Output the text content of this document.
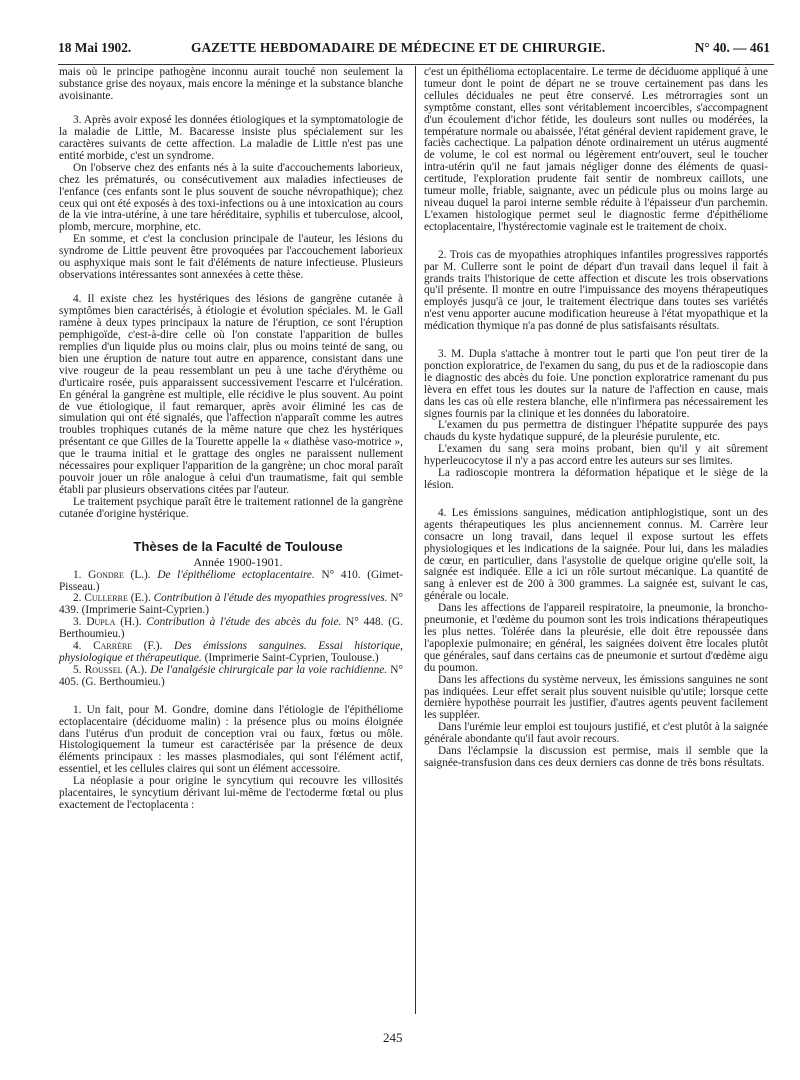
18 Mai 1902.	GAZETTE HEBDOMADAIRE DE MÉDECINE ET DE CHIRURGIE.	N° 40. — 461

mais où le principe pathogène inconnu aurait touché non seulement la substance grise des noyaux, mais encore la méninge et la substance blanche avoisinante.

3. Après avoir exposé les données étiologiques et la symptomatologie de la maladie de Little, M. Bacaresse insiste plus spécialement sur les caractères suivants de cette affection. La maladie de Little n'est pas une entité morbide, c'est un syndrome.

On l'observe chez des enfants nés à la suite d'accouchements laborieux, chez les prématurés, ou consécutivement aux maladies infectieuses de l'enfance (ces enfants sont le plus souvent de souche névropathique); chez ceux qui ont été exposés à des toxi-infections ou à une intoxication au cours de la vie intra-utérine, à une tare héréditaire, syphilis et tuberculose, alcool, plomb, mercure, morphine, etc.

En somme, et c'est la conclusion principale de l'auteur, les lésions du syndrome de Little peuvent être provoquées par l'accouchement laborieux ou asphyxique mais sont le fait d'éléments de nature infectieuse. Plusieurs observations intéressantes sont annexées à cette thèse.

4. Il existe chez les hystériques des lésions de gangrène cutanée à symptômes bien caractérisés, à étiologie et évolution spéciales. M. le Gall ramène à deux types principaux la nature de l'éruption, ce sont l'éruption pemphigoïde, c'est-à-dire celle où l'on constate l'apparition de bulles remplies d'un liquide plus ou moins clair, plus ou moins teinté de sang, ou bien une éruption de nature tout autre en apparence, consistant dans une vive rougeur de la peau ressemblant un peu à une tache d'érythème ou d'urticaire rosée, puis apparaissent successivement l'escarre et l'ulcération. En général la gangrène est multiple, elle récidive le plus souvent. Au point de vue étiologique, il faut remarquer, après avoir éliminé les cas de simulation qui ont été signalés, que l'affection n'apparaît comme les autres troubles trophiques cutanés de la même nature que chez les hystériques présentant ce que Gilles de la Tourette appelle la « diathèse vaso-motrice », que le trauma initial et le grattage des ongles ne paraissent nullement nécessaires pour expliquer l'apparition de la gangrène; un choc moral paraît pouvoir jouer un rôle analogue à celui d'un traumatisme, fait qui semble établi par plusieurs observations citées par l'auteur.

Le traitement psychique paraît être le traitement rationnel de la gangrène cutanée d'origine hystérique.

Thèses de la Faculté de Toulouse

Année 1900-1901.

1. Gondre (L.). De l'épithéliome ectoplacentaire. N° 410. (Gimet-Pisseau.)

2. Cullerre (E.). Contribution à l'étude des myopathies progressives. N° 439. (Imprimerie Saint-Cyprien.)

3. Dupla (H.). Contribution à l'étude des abcès du foie. N° 448. (G. Berthoumieu.)

4. Carrère (F.). Des émissions sanguines. Essai historique, physiologique et thérapeutique. (Imprimerie Saint-Cyprien, Toulouse.)

5. Roussel (A.). De l'analgésie chirurgicale par la voie rachidienne. N° 405. (G. Berthoumieu.)

1. Un fait, pour M. Gondre, domine dans l'étiologie de l'épithéliome ectoplacentaire (déciduome malin) : la présence plus ou moins éloignée dans l'utérus d'un produit de conception vrai ou faux, fœtus ou môle. Histologiquement la tumeur est caractérisée par la présence de deux éléments principaux : les masses plasmodiales, qui sont l'élément actif, essentiel, et les cellules claires qui sont un élément accessoire.

La néoplasie a pour origine le syncytium qui recouvre les villosités placentaires, le syncytium dérivant lui-même de l'ectoderme fœtal ou plus exactement de l'ectoplacenta :

c'est un épithélioma ectoplacentaire. Le terme de déciduome appliqué à une tumeur dont le point de départ ne se trouve certainement pas dans les cellules déciduales ne peut être conservé. Les métrorragies sont un symptôme constant, elles sont véritablement incoercibles, s'accompagnent d'un écoulement d'ichor fétide, les douleurs sont nulles ou modérées, la température normale ou abaissée, l'état général devient rapidement grave, le faciès cachectique. La palpation dénote ordinairement un utérus augmenté de volume, le col est normal ou légèrement entr'ouvert, seul le toucher intra-utérin qu'il ne faut jamais négliger donne des éléments de quasi-certitude, l'exploration prudente fait sentir de nombreux caillots, une tumeur molle, friable, saignante, avec un pédicule plus ou moins large au niveau duquel la paroi interne semble réduite à l'épaisseur d'un parchemin. L'examen histologique permet seul le diagnostic ferme d'épithéliome ectoplacentaire, l'hystérectomie vaginale est le traitement de choix.

2. Trois cas de myopathies atrophiques infantiles progressives rapportés par M. Cullerre sont le point de départ d'un travail dans lequel il fait à grands traits l'historique de cette affection et discute les trois observations qu'il présente. Il montre en outre l'impuissance des moyens thérapeutiques employés jusqu'à ce jour, le traitement électrique dans toutes ses variétés n'est venu apporter aucune modification heureuse à l'état myopathique et la médication thymique n'a pas donné de plus satisfaisants résultats.

3. M. Dupla s'attache à montrer tout le parti que l'on peut tirer de la ponction exploratrice, de l'examen du sang, du pus et de la radioscopie dans le diagnostic des abcès du foie. Une ponction exploratrice ramenant du pus lèvera en effet tous les doutes sur la nature de l'affection en cause, mais dans les cas où elle restera blanche, elle n'infirmera pas nécessairement les signes fournis par la clinique et les données du laboratoire.

L'examen du pus permettra de distinguer l'hépatite suppurée des pays chauds du kyste hydatique suppuré, de la pleurésie purulente, etc.

L'examen du sang sera moins probant, bien qu'il y ait sûrement hyperleucocytose il n'y a pas accord entre les auteurs sur ses limites.

La radioscopie montrera la déformation hépatique et le siège de la lésion.

4. Les émissions sanguines, médication antiphlogistique, sont un des agents thérapeutiques les plus anciennement connus. M. Carrère leur consacre un long travail, dans lequel il expose surtout les effets physiologiques et les indications de la saignée. Pour lui, dans les maladies de cœur, en particulier, dans l'asystolie de quelque origine qu'elle soit, la saignée est indiquée. Elle a ici un rôle surtout mécanique. La quantité de sang à enlever est de 200 à 300 grammes. La saignée est, suivant le cas, générale ou locale.

Dans les affections de l'appareil respiratoire, la pneumonie, la broncho-pneumonie, et l'œdème du poumon sont les trois indications thérapeutiques les plus nettes. Tolérée dans la pleurésie, elle doit être repoussée dans l'apoplexie pulmonaire; en général, les saignées doivent être locales plutôt que générales, sauf dans certains cas de pneumonie et surtout d'œdème aigu du poumon.

Dans les affections du système nerveux, les émissions sanguines ne sont pas indiquées. Leur effet serait plus souvent nuisible qu'utile; lorsque cette dernière hypothèse pourrait les justifier, d'autres agents peuvent facilement les suppléer.

Dans l'urémie leur emploi est toujours justifié, et c'est plutôt à la saignée générale abondante qu'il faut avoir recours.

Dans l'éclampsie la discussion est permise, mais il semble que la saignée-transfusion dans ces deux derniers cas donne de très bons résultats.

245
